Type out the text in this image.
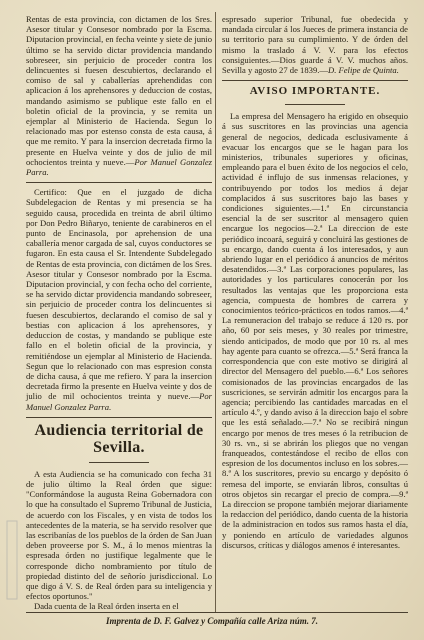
Rentas de esta provincia, con dictamen de los Sres. Asesor titular y Consesor nombrado por la Escma. Diputacion provincial, en fecha veinte y siete de junio último se ha servido dictar providencia mandando sobreseer, sin perjuicio de proceder contra los delincuentes si fuesen descubiertos, declarando el comiso de sal y caballerías aprehendidas con aplicacion á los aprehensores y deduccion de costas, mandando asimismo se publique este fallo en el boletin oficial de la provincia, y se remita un ejemplar al Ministerio de Hacienda. Segun lo relacionado mas por estenso consta de esta causa, á que me remito. Y para la insercion decretada firmo la presente en Huelva veinte y dos de julio de mil ochocientos treinta y nueve.—Por Manuel Gonzalez Parra.

Certifico: Que en el juzgado de dicha Subdelegacion de Rentas y mi presencia se ha seguido causa, procedida en treinta de abril último por Don Pedro Biñaryo, teniente de carabineros en el punto de Encinasola, por aprehension de una caballería menor cargada de sal, cuyos conductores se fugaron. En esta causa el Sr. Intendente Subdelegado de Rentas de esta provincia, con dictámen de los Sres. Asesor titular y Consesor nombrado por la Escma. Diputacion provincial, y con fecha ocho del corriente, se ha servido dictar providencia mandando sobreseer, sin perjuicio de proceder contra los delincuentes si fuesen descubiertos, declarando el comiso de sal y bestias con aplicacion á los aprehensores, y deduccion de costas, y mandando se publique este fallo en el boletin oficial de la provincia, y remitiéndose un ejemplar al Ministerio de Hacienda. Segun que lo relacionado con mas espresion consta de dicha causa, á que me refiero. Y para la insercion decretada firmo la presente en Huelva veinte y dos de julio de mil ochocientos treinta y nueve.—Por Manuel Gonzalez Parra.

Audiencia territorial de Sevilla.

A esta Audiencia se ha comunicado con fecha 31 de julio último la Real órden que sigue: "Conformándose la augusta Reina Gobernadora con lo que ha consultado el Supremo Tribunal de Justicia, de acuerdo con los Fiscales, y en vista de todos los antecedentes de la materia, se ha servido resolver que las escribanías de los pueblos de la órden de San Juan deben proveerse por S. M., á lo menos mientras la espresada órden no justifique legalmente que le corresponde dicho nombramiento por título de propiedad distinto del de señorío jurisdiccional. Lo que digo á V. S. de Real órden para su inteligencia y efectos oportunos."

Dada cuenta de la Real órden inserta en el

espresado superior Tribunal, fue obedecida y mandada circular á los Jueces de primera instancia de su territorio para su cumplimiento. Y de órden del mismo la traslado á V. V. para los efectos consiguientes.—Dios guarde á V. V. muchos años. Sevilla y agosto 27 de 1839.—D. Felipe de Quinta.

AVISO IMPORTANTE.

La empresa del Mensagero ha erigido en obsequio á sus suscritores en las provincias una agencia general de negocios, dedicada esclusivamente á evacuar los encargos que se le hagan para los ministerios, tribunales superiores y oficinas, empleando para el buen éxito de los negocios el celo, actividad é influjo de sus inmensas relaciones, y contribuyendo por todos los medios á dejar complacidos á sus suscritores bajo las bases y condiciones siguientes.—1.ª En circunstancia esencial la de ser suscritor al mensagero quien encargue los negocios—2.ª La direccion de este periódico incoará, seguirá y concluirá las gestiones de su encargo, dando cuenta á los interesados, y aun abriendo lugar en el periódico á anuncios de méritos desatendidos.—3.ª Las corporaciones populares, las autoridades y los particulares conocerán por los resultados las ventajas que les proporciona esta agencia, compuesta de hombres de carrera y conocimientos teórico-prácticos en todos ramos.—4.ª La remuneracion del trabajo se reduce á 120 rs. por año, 60 por seis meses, y 30 reales por trimestre, siendo anticipados, de modo que por 10 rs. al mes hay agente para cuanto se ofrezca.—5.ª Será franca la correspondencia que con este motivo se dirigirá al director del Mensagero del pueblo.—6.ª Los señores comisionados de las provincias encargados de las suscriciones, se servirán admitir los encargos para la agencia; percibiendo las cantidades marcadas en el artículo 4.º, y dando aviso á la direccion bajo el sobre que les está señalado.—7.ª No se recibirá ningun encargo por menos de tres meses ó la retribucion de 30 rs. vn., si se abrirán los pliegos que no vengan franqueados, contestándose el recibo de ellos con espresion de los documentos incluso en los sobres.—8.ª A los suscritores, previo su encargo y depósito ó remesa del importe, se enviarán libros, consultas ú otros objetos sin recargar el precio de compra.—9.ª La direccion se propone también mejorar diariamente la redaccion del periódico, dando cuenta de la historia de la administracion en todos sus ramos hasta el día, y poniendo en artículo de variedades algunos discursos, críticas y diálogos amenos é interesantes.

Imprenta de D. F. Galvez y Compañía calle Ariza núm. 7.
